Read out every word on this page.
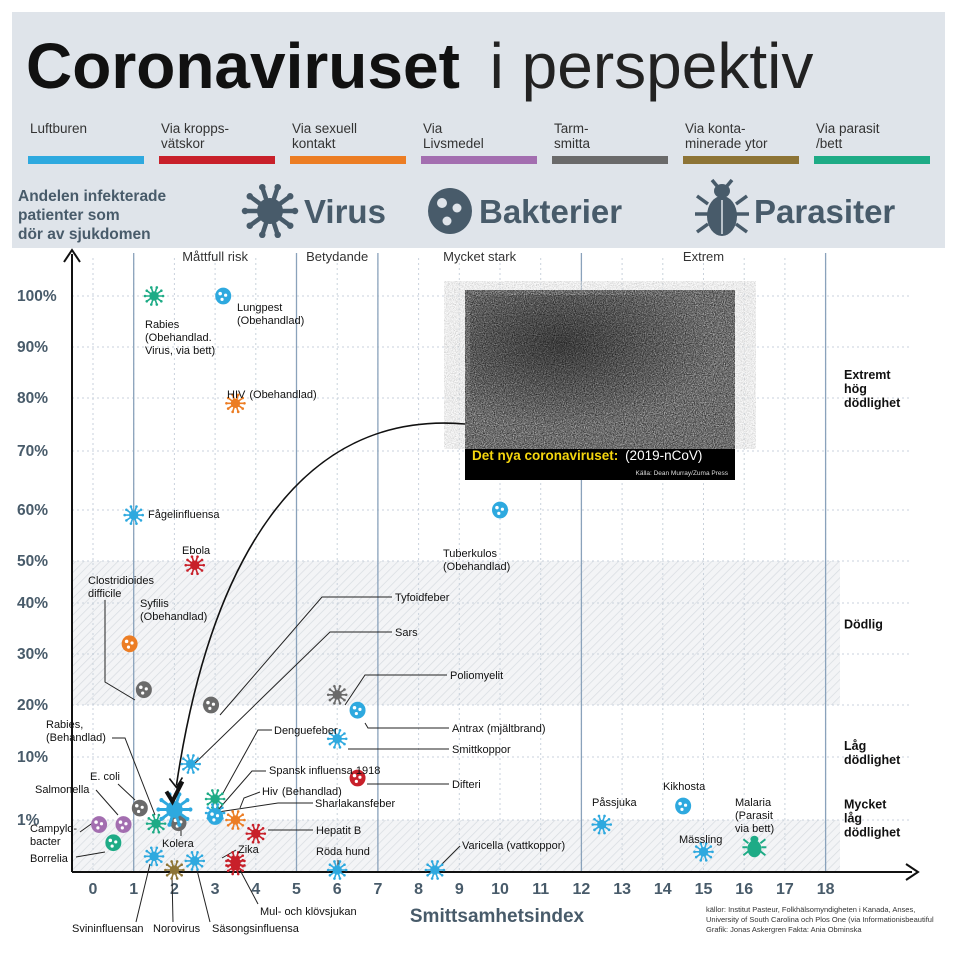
Coronaviruset i perspektiv
Luftburen	Via kropps-vätskor
Via sexuell kontakt
Via Livsmedel
Tarm-smitta
Via konta-minerade ytor
Via parasit /bett
Andelen infekterade patienter som dör av sjukdomen
Virus	Bakterier	Parasiter
Måttfull risk	Betydande	Mycket stark	Extrem
1%
10%
20%
30%
40%
50%
60%
70%
80%
90%
100%
0 1 2 3 4 5 6 7 8 9 10 11 12 13 14 15 16 17 18
Extremt hög dödlighet
Dödlig
Låg dödlighet
Mycket låg dödlighet
Det nya coronaviruset: (2019-nCoV)
Källa: Dean Murray/Zuma Press
Rabies (Obehandlad. Virus, via bett)
Lungpest (Obehandlad)
HIV (Obehandlad)
Fågelinfluensa
Ebola
Syfilis (Obehandlad)
Clostridioides difficile	Tyfoidfeber
Sars
Poliomyelit
Antrax (mjältbrand)
Smittkoppor
Tuberkulos (Obehandlad)
Denguefeber
Spansk influensa 1918
Hiv (Behandlad)
Sharlakansfeber
Difteri
Hepatit B
Kolera
Rabies, (Behandlad)
E. coli
Salmonella
Campylo-bacter
Borrelia
Zika	Röda hund	Varicella (vattkoppor)
Påssjuka
Kikhosta
Mässling
Malaria (Parasit via bett)
Svininfluensan Norovirus Säsongsinfluensa
Mul- och klövsjukan	Smittsamhetsindex	källor: Institut Pasteur, Folkhälsomyndigheten i Kanada, Anses, University of South Carolina och Plos One (via Informationisbeautiful Grafik: Jonas Askergren Fakta: Ania Obminska
